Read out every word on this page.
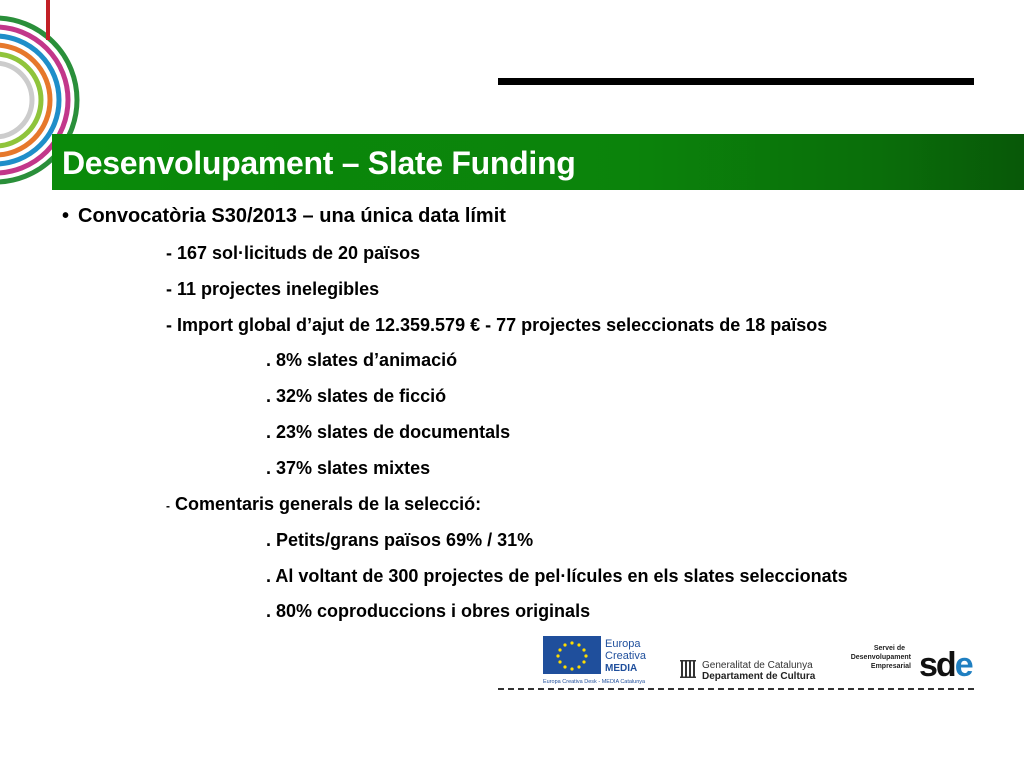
Desenvolupament – Slate Funding
• Convocatòria S30/2013 – una única data límit
- 167 sol·licituds de 20 països
- 11 projectes inelegibles
- Import global d’ajut de 12.359.579 € - 77 projectes seleccionats de 18 països
. 8% slates d’animació
. 32% slates de ficció
. 23% slates de documentals
. 37% slates mixtes
- Comentaris generals de la selecció:
. Petits/grans països 69% / 31%
. Al voltant de 300 projectes de pel·lícules en els slates seleccionats
. 80% coproduccions i obres originals
Europa
Creativa
MEDIA
Europa Creativa Desk - MEDIA Catalunya
Generalitat de Catalunya
Departament de Cultura
Servei de
Desenvolupament
Empresarial sde
